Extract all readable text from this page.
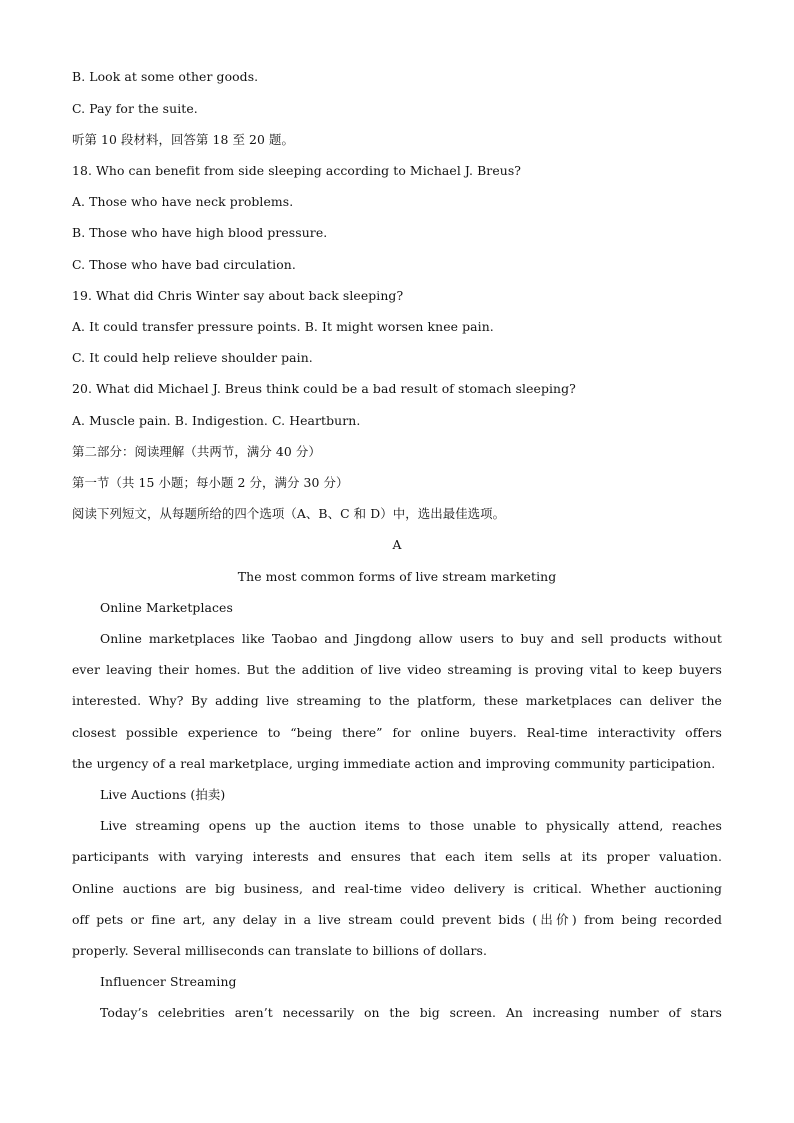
B. Look at some other goods.
C. Pay for the suite.
听第 10 段材料，回答第 18 至 20 题。
18. Who can benefit from side sleeping according to Michael J. Breus?
A. Those who have neck problems.
B. Those who have high blood pressure.
C. Those who have bad circulation.
19. What did Chris Winter say about back sleeping?
A. It could transfer pressure points. B. It might worsen knee pain.
C. It could help relieve shoulder pain.
20. What did Michael J. Breus think could be a bad result of stomach sleeping?
A. Muscle pain. B. Indigestion. C. Heartburn.
第二部分：阅读理解（共两节，满分 40 分）
第一节（共 15 小题；每小题 2 分，满分 30 分）
阅读下列短文，从每题所给的四个选项（A、B、C 和 D）中，选出最佳选项。
A
The most common forms of live stream marketing
Online Marketplaces
Online marketplaces like Taobao and Jingdong allow users to buy and sell products without
ever leaving their homes. But the addition of live video streaming is proving vital to keep buyers
interested. Why? By adding live streaming to the platform, these marketplaces can deliver the
closest possible experience to “being there” for online buyers. Real-time interactivity offers
the urgency of a real marketplace, urging immediate action and improving community participation.
Live Auctions (拍卖)
Live streaming opens up the auction items to those unable to physically attend, reaches
participants with varying interests and ensures that each item sells at its proper valuation.
Online auctions are big business, and real-time video delivery is critical. Whether auctioning
off pets or fine art, any delay in a live stream could prevent bids (出价) from being recorded
properly. Several milliseconds can translate to billions of dollars.
Influencer Streaming
Today’s celebrities aren’t necessarily on the big screen. An increasing number of stars
